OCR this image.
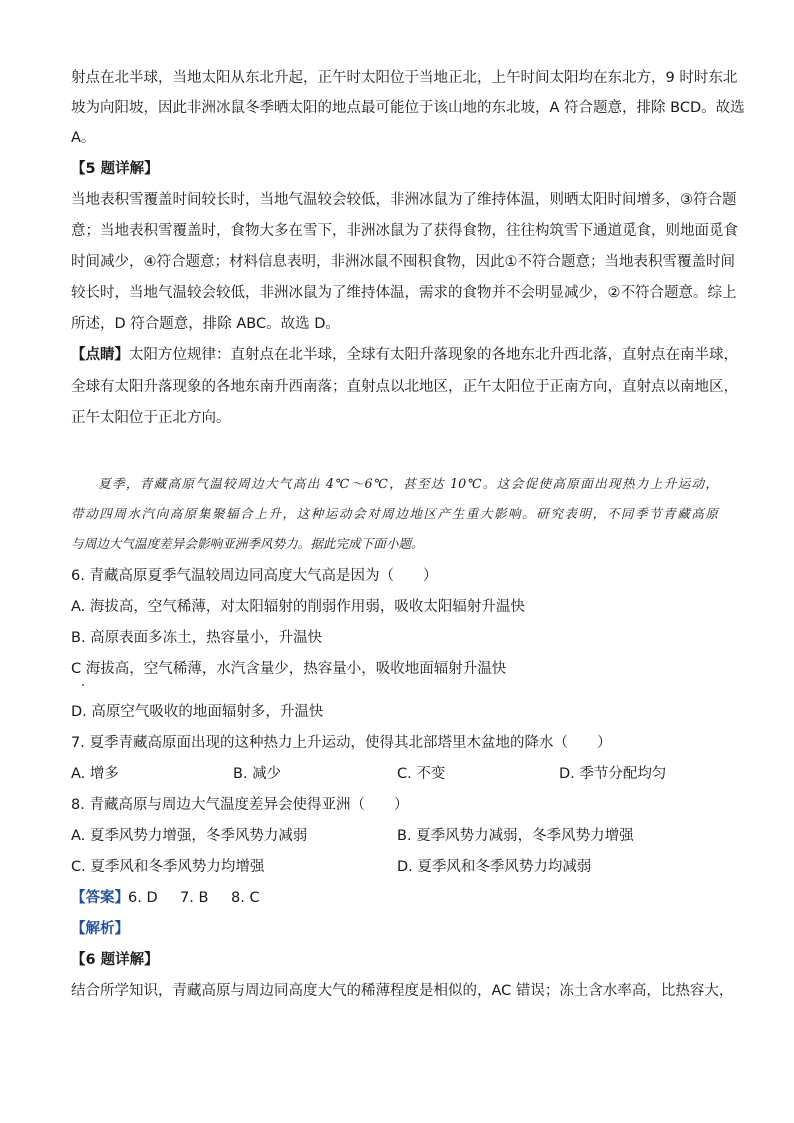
射点在北半球，当地太阳从东北升起，正午时太阳位于当地正北，上午时间太阳均在东北方，9 时时东北
坡为向阳坡，因此非洲冰鼠冬季晒太阳的地点最可能位于该山地的东北坡，A 符合题意，排除 BCD。故选
A。
【5 题详解】
当地表积雪覆盖时间较长时，当地气温较会较低，非洲冰鼠为了维持体温，则晒太阳时间增多，③符合题
意；当地表积雪覆盖时，食物大多在雪下，非洲冰鼠为了获得食物，往往构筑雪下通道觅食，则地面觅食
时间减少，④符合题意；材料信息表明，非洲冰鼠不囤积食物，因此①不符合题意；当地表积雪覆盖时间
较长时，当地气温较会较低，非洲冰鼠为了维持体温，需求的食物并不会明显减少，②不符合题意。综上
所述，D 符合题意，排除 ABC。故选 D。
【点睛】太阳方位规律：直射点在北半球，全球有太阳升落现象的各地东北升西北落，直射点在南半球，
全球有太阳升落现象的各地东南升西南落；直射点以北地区，正午太阳位于正南方向，直射点以南地区，
正午太阳位于正北方向。
夏季，青藏高原气温较周边大气高出 4℃～6℃，甚至达 10℃。这会促使高原面出现热力上升运动，
带动四周水汽向高原集聚辐合上升，这种运动会对周边地区产生重大影响。研究表明，不同季节青藏高原
与周边大气温度差异会影响亚洲季风势力。据此完成下面小题。
6. 青藏高原夏季气温较周边同高度大气高是因为（　　）
A. 海拔高，空气稀薄，对太阳辐射的削弱作用弱，吸收太阳辐射升温快
B. 高原表面多冻土，热容量小，升温快
C 海拔高，空气稀薄，水汽含量少，热容量小，吸收地面辐射升温快
D. 高原空气吸收的地面辐射多，升温快
7. 夏季青藏高原面出现的这种热力上升运动，使得其北部塔里木盆地的降水（　　）
A. 增多	B. 减少	C. 不变	D. 季节分配均匀
8. 青藏高原与周边大气温度差异会使得亚洲（　　）
A. 夏季风势力增强，冬季风势力减弱	B. 夏季风势力减弱，冬季风势力增强
C. 夏季风和冬季风势力均增强	D. 夏季风和冬季风势力均减弱
【答案】 6. D 7. B 8. C
【解析】
【6 题详解】
结合所学知识，青藏高原与周边同高度大气的稀薄程度是相似的，AC 错误；冻土含水率高，比热容大，
